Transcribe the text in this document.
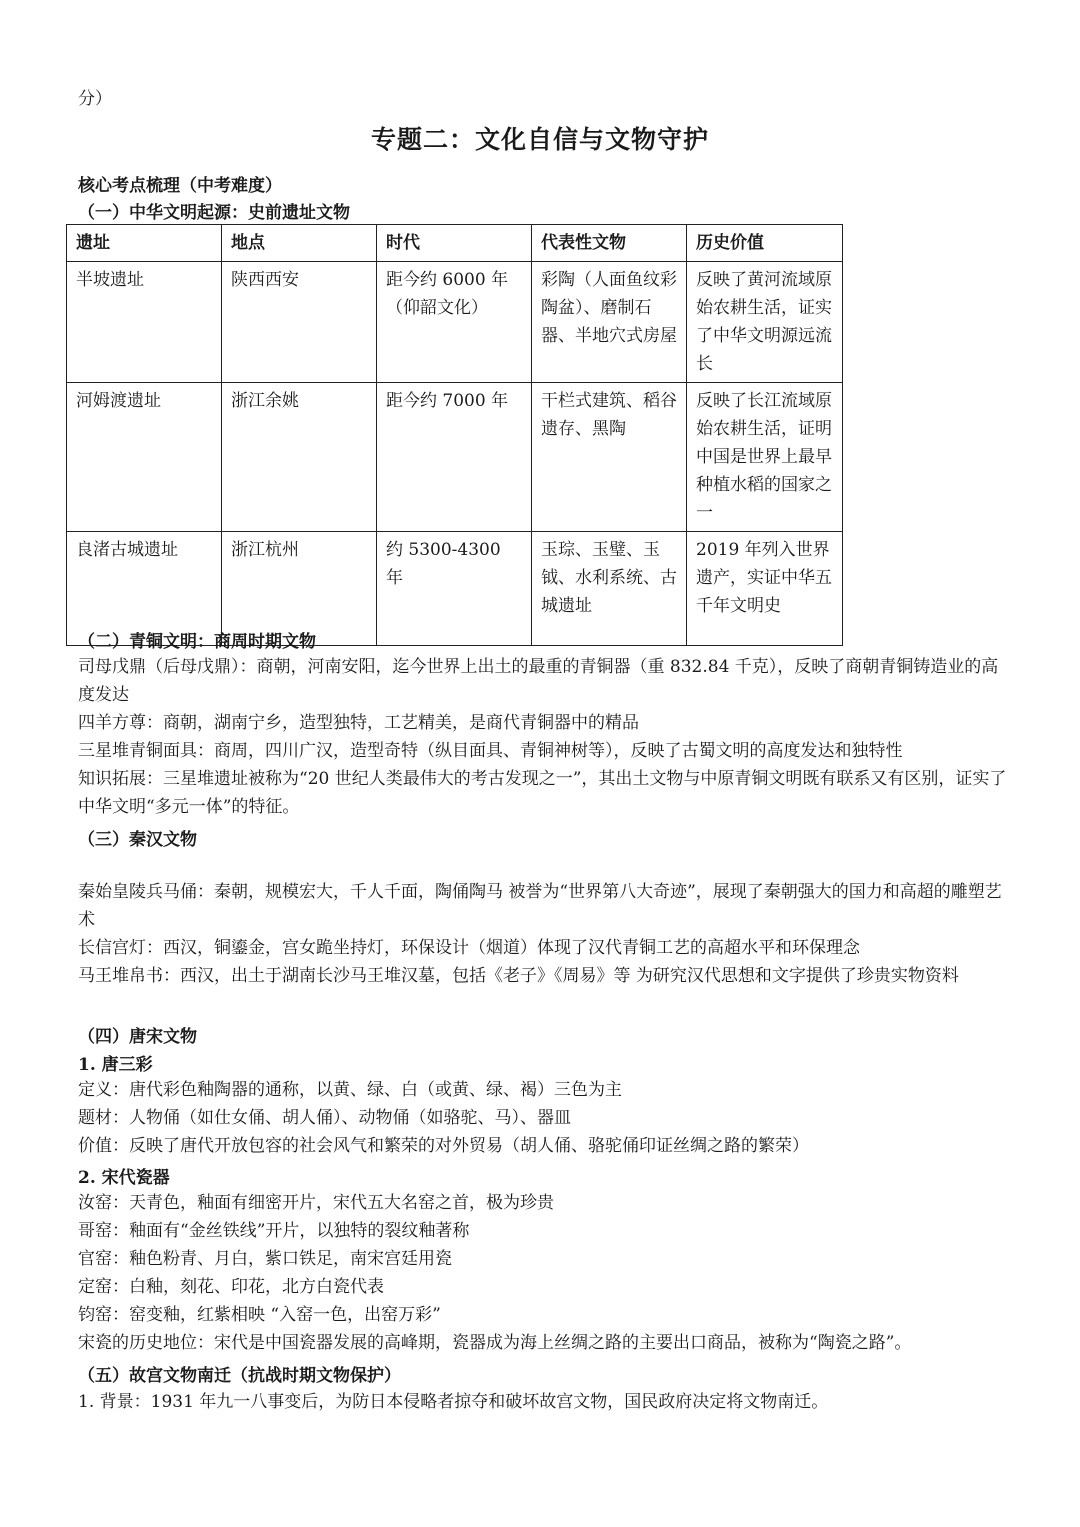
分）
专题二：文化自信与文物守护
核心考点梳理（中考难度）
（一）中华文明起源：史前遗址文物
遗址	地点	时代	代表性文物	历史价值
半坡遗址	陕西西安	距今约 6000 年（仰韶文化）	彩陶（人面鱼纹彩陶盆）、磨制石器、半地穴式房屋	反映了黄河流域原始农耕生活，证实了中华文明源远流长
河姆渡遗址	浙江余姚	距今约 7000 年	干栏式建筑、稻谷遗存、黑陶	反映了长江流域原始农耕生活，证明中国是世界上最早种植水稻的国家之一
良渚古城遗址	浙江杭州	约 5300-4300 年	玉琮、玉璧、玉钺、水利系统、古城遗址	2019 年列入世界遗产，实证中华五千年文明史
（二）青铜文明：商周时期文物
司母戊鼎（后母戊鼎）：商朝，河南安阳，迄今世界上出土的最重的青铜器（重 832.84 千克），反映了商朝青铜铸造业的高度发达
四羊方尊：商朝，湖南宁乡，造型独特，工艺精美，是商代青铜器中的精品
三星堆青铜面具：商周，四川广汉，造型奇特（纵目面具、青铜神树等），反映了古蜀文明的高度发达和独特性
知识拓展：三星堆遗址被称为“20 世纪人类最伟大的考古发现之一”，其出土文物与中原青铜文明既有联系又有区别，证实了中华文明“多元一体”的特征。
（三）秦汉文物
秦始皇陵兵马俑：秦朝，规模宏大，千人千面，陶俑陶马 被誉为“世界第八大奇迹”，展现了秦朝强大的国力和高超的雕塑艺术
长信宫灯：西汉，铜鎏金，宫女跪坐持灯，环保设计（烟道）体现了汉代青铜工艺的高超水平和环保理念
马王堆帛书：西汉，出土于湖南长沙马王堆汉墓，包括《老子》《周易》等 为研究汉代思想和文字提供了珍贵实物资料
（四）唐宋文物
1. 唐三彩
定义：唐代彩色釉陶器的通称，以黄、绿、白（或黄、绿、褐）三色为主
题材：人物俑（如仕女俑、胡人俑）、动物俑（如骆驼、马）、器皿
价值：反映了唐代开放包容的社会风气和繁荣的对外贸易（胡人俑、骆驼俑印证丝绸之路的繁荣）
2. 宋代瓷器
汝窑：天青色，釉面有细密开片，宋代五大名窑之首，极为珍贵
哥窑：釉面有“金丝铁线”开片，以独特的裂纹釉著称
官窑：釉色粉青、月白，紫口铁足，南宋宫廷用瓷
定窑：白釉，刻花、印花，北方白瓷代表
钧窑：窑变釉，红紫相映 “入窑一色，出窑万彩”
宋瓷的历史地位：宋代是中国瓷器发展的高峰期，瓷器成为海上丝绸之路的主要出口商品，被称为“陶瓷之路”。
（五）故宫文物南迁（抗战时期文物保护）
1. 背景：1931 年九一八事变后，为防日本侵略者掠夺和破坏故宫文物，国民政府决定将文物南迁。
